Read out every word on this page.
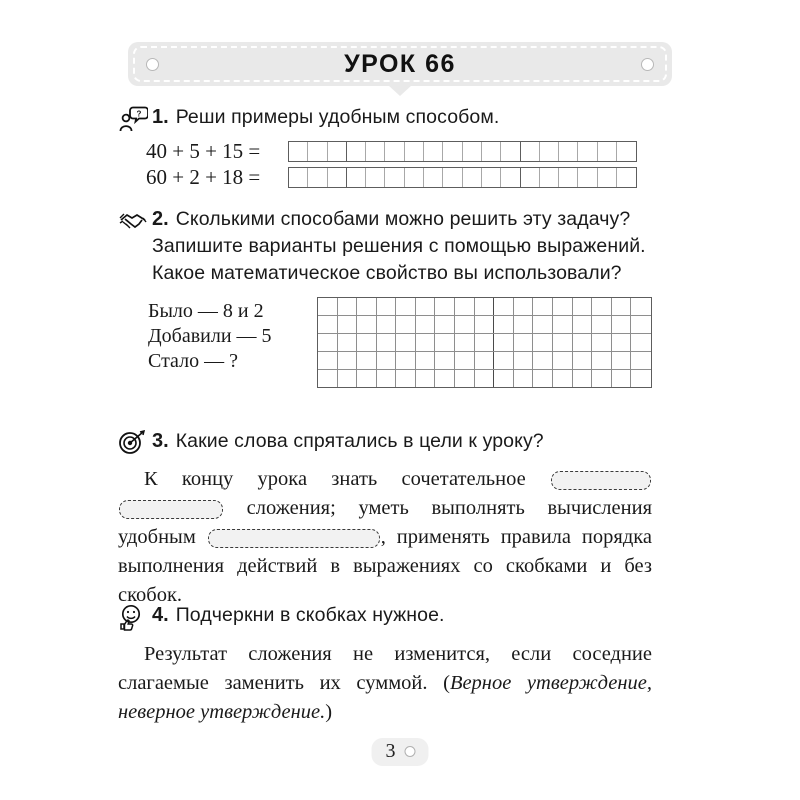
УРОК 66
? 1. Реши примеры удобным способом.
40 + 5 + 15 =
60 + 2 + 18 =
2. Сколькими способами можно решить эту задачу? Запишите варианты решения с помощью выражений. Какое математическое свойство вы использовали?
Было — 8 и 2
Добавили — 5
Стало — ?
3. Какие слова спрятались в цели к уроку?
К концу урока знать сочетательное   сложения; уметь выполнять вычисления удобным	, применять правила порядка выполнения действий в выражениях со скобками и без скобок.
4. Подчеркни в скобках нужное.
Результат сложения не изменится, если соседние слагаемые заменить их суммой. (Верное утверждение, неверное утверждение.)
3
